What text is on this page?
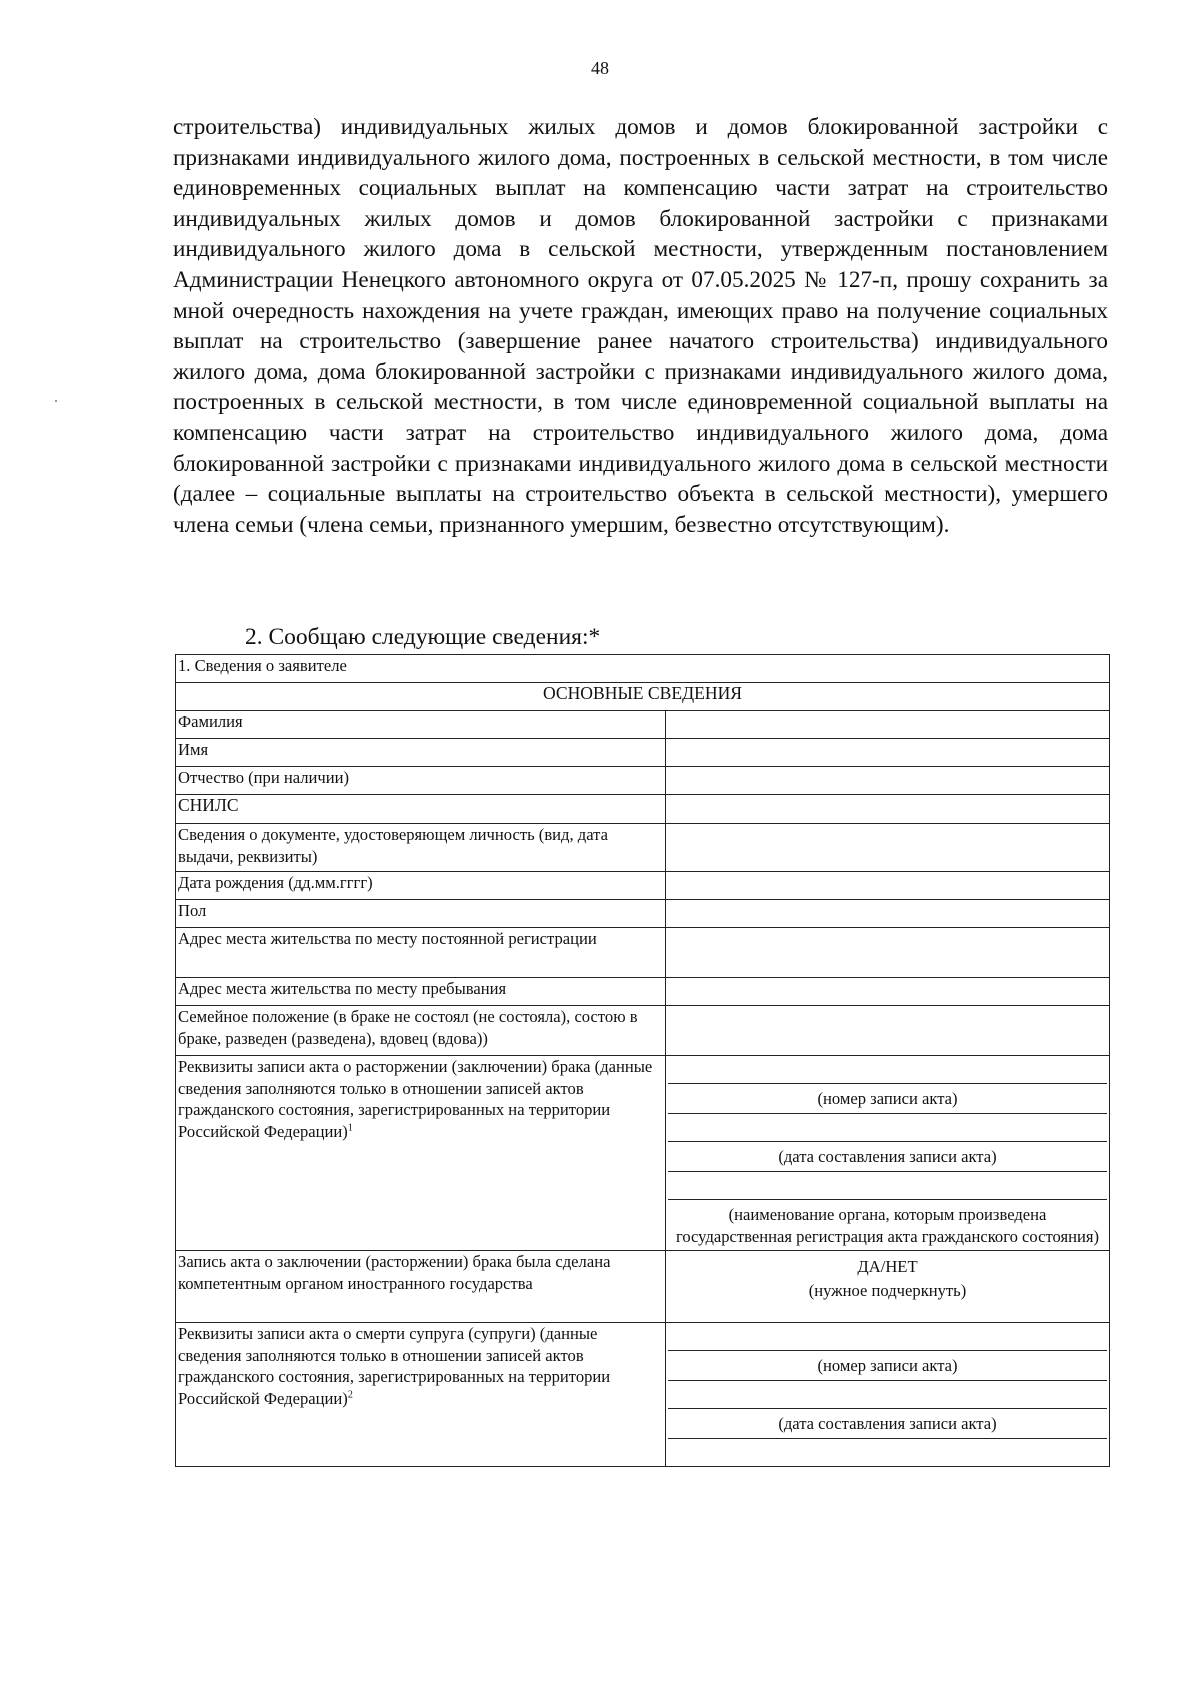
48

строительства) индивидуальных жилых домов и домов блокированной застройки с признаками индивидуального жилого дома, построенных в сельской местности, в том числе единовременных социальных выплат на компенсацию части затрат на строительство индивидуальных жилых домов и домов блокированной застройки с признаками индивидуального жилого дома в сельской местности, утвержденным постановлением Администрации Ненецкого автономного округа от 07.05.2025 № 127-п, прошу сохранить за мной очередность нахождения на учете граждан, имеющих право на получение социальных выплат на строительство (завершение ранее начатого строительства) индивидуального жилого дома, дома блокированной застройки с признаками индивидуального жилого дома, построенных в сельской местности, в том числе единовременной социальной выплаты на компенсацию части затрат на строительство индивидуального жилого дома, дома блокированной застройки с признаками индивидуального жилого дома в сельской местности (далее – социальные выплаты на строительство объекта в сельской местности), умершего члена семьи (члена семьи, признанного умершим, безвестно отсутствующим).

2. Сообщаю следующие сведения:*
1. Сведения о заявителе	
ОСНОВНЫЕ СВЕДЕНИЯ	
Фамилия	
Имя	
Отчество (при наличии)	
СНИЛС	
Сведения о документе, удостоверяющем личность (вид, дата выдачи, реквизиты)	
Дата рождения (дд.мм.гггг)	
Пол	
Адрес места жительства по месту постоянной регистрации	
Адрес места жительства по месту пребывания	
Семейное положение (в браке не состоял (не состояла), состою в браке, разведен (разведена), вдовец (вдова))	
Реквизиты записи акта о расторжении (заключении) брака (данные сведения заполняются только в отношении записей актов гражданского состояния, зарегистрированных на территории Российской Федерации)$^1$	(номер записи акта)
(дата составления записи акта)
(наименование органа, которым произведена государственная регистрация акта гражданского состояния)

Запись акта о заключении (расторжении) брака была сделана компетентным органом иностранного государства	ДА/НЕТ
(нужное подчеркнуть)

Реквизиты записи акта о смерти супруга (супруги) (данные сведения заполняются только в отношении записей актов гражданского состояния, зарегистрированных на территории Российской Федерации)$^2$	(номер записи акта)
(дата составления записи акта)
